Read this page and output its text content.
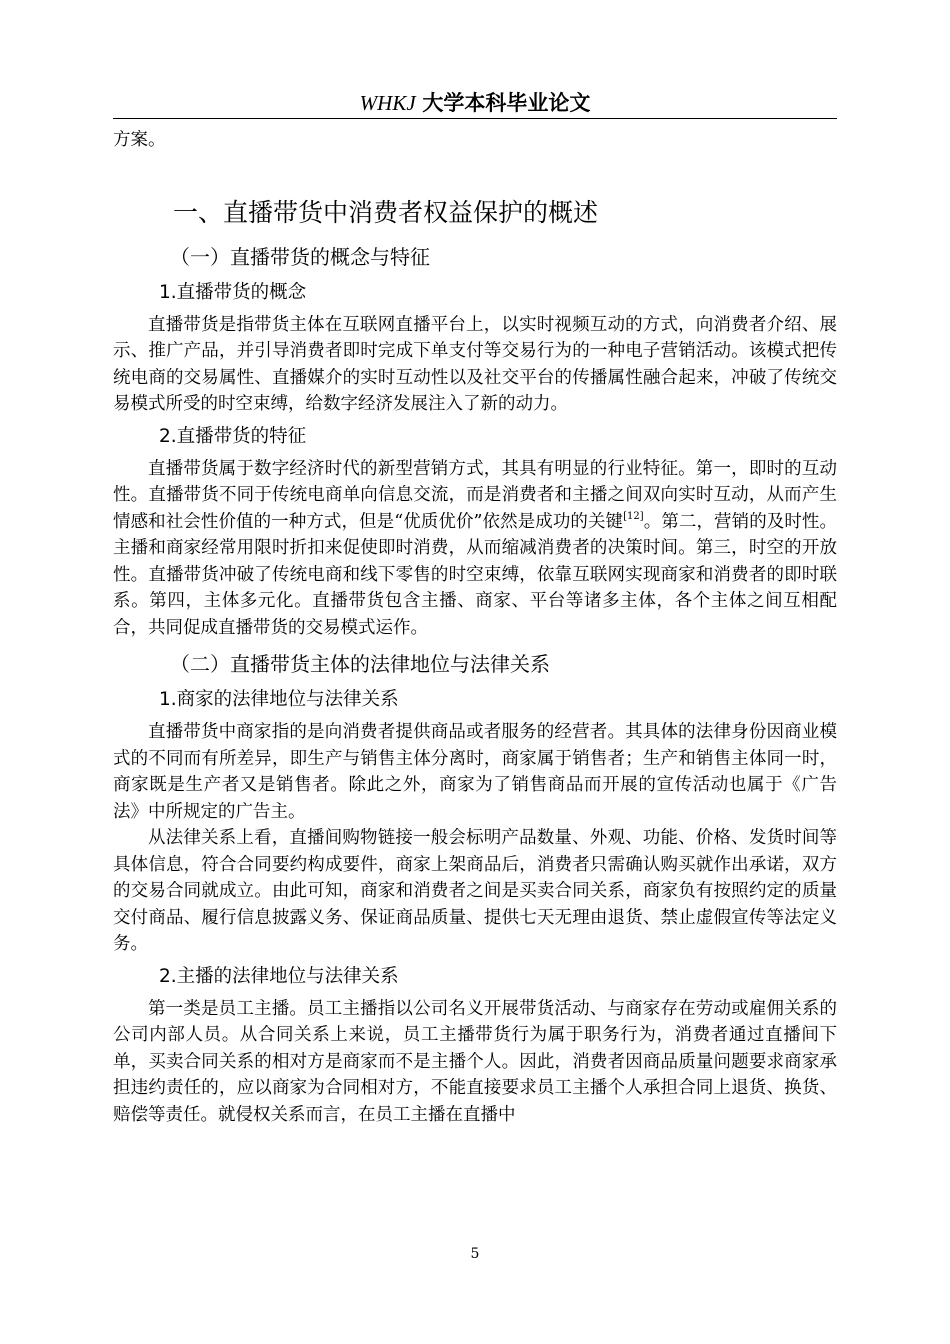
WHKJ 大学本科毕业论文

方案。

一、直播带货中消费者权益保护的概述
（一）直播带货的概念与特征
1.直播带货的概念

直播带货是指带货主体在互联网直播平台上，以实时视频互动的方式，向消费者介绍、展示、推广产品，并引导消费者即时完成下单支付等交易行为的一种电子营销活动。该模式把传统电商的交易属性、直播媒介的实时互动性以及社交平台的传播属性融合起来，冲破了传统交易模式所受的时空束缚，给数字经济发展注入了新的动力。

2.直播带货的特征

直播带货属于数字经济时代的新型营销方式，其具有明显的行业特征。第一，即时的互动性。直播带货不同于传统电商单向信息交流，而是消费者和主播之间双向实时互动，从而产生情感和社会性价值的一种方式，但是“优质优价”依然是成功的关键[12]。第二，营销的及时性。主播和商家经常用限时折扣来促使即时消费，从而缩减消费者的决策时间。第三，时空的开放性。直播带货冲破了传统电商和线下零售的时空束缚，依靠互联网实现商家和消费者的即时联系。第四，主体多元化。直播带货包含主播、商家、平台等诸多主体，各个主体之间互相配合，共同促成直播带货的交易模式运作。

（二）直播带货主体的法律地位与法律关系
1.商家的法律地位与法律关系

直播带货中商家指的是向消费者提供商品或者服务的经营者。其具体的法律身份因商业模式的不同而有所差异，即生产与销售主体分离时，商家属于销售者；生产和销售主体同一时，商家既是生产者又是销售者。除此之外，商家为了销售商品而开展的宣传活动也属于《广告法》中所规定的广告主。

从法律关系上看，直播间购物链接一般会标明产品数量、外观、功能、价格、发货时间等具体信息，符合合同要约构成要件，商家上架商品后，消费者只需确认购买就作出承诺，双方的交易合同就成立。由此可知，商家和消费者之间是买卖合同关系，商家负有按照约定的质量交付商品、履行信息披露义务、保证商品质量、提供七天无理由退货、禁止虚假宣传等法定义务。

2.主播的法律地位与法律关系

第一类是员工主播。员工主播指以公司名义开展带货活动、与商家存在劳动或雇佣关系的公司内部人员。从合同关系上来说，员工主播带货行为属于职务行为，消费者通过直播间下单，买卖合同关系的相对方是商家而不是主播个人。因此，消费者因商品质量问题要求商家承担违约责任的，应以商家为合同相对方，不能直接要求员工主播个人承担合同上退货、换货、赔偿等责任。就侵权关系而言，在员工主播在直播中

5
